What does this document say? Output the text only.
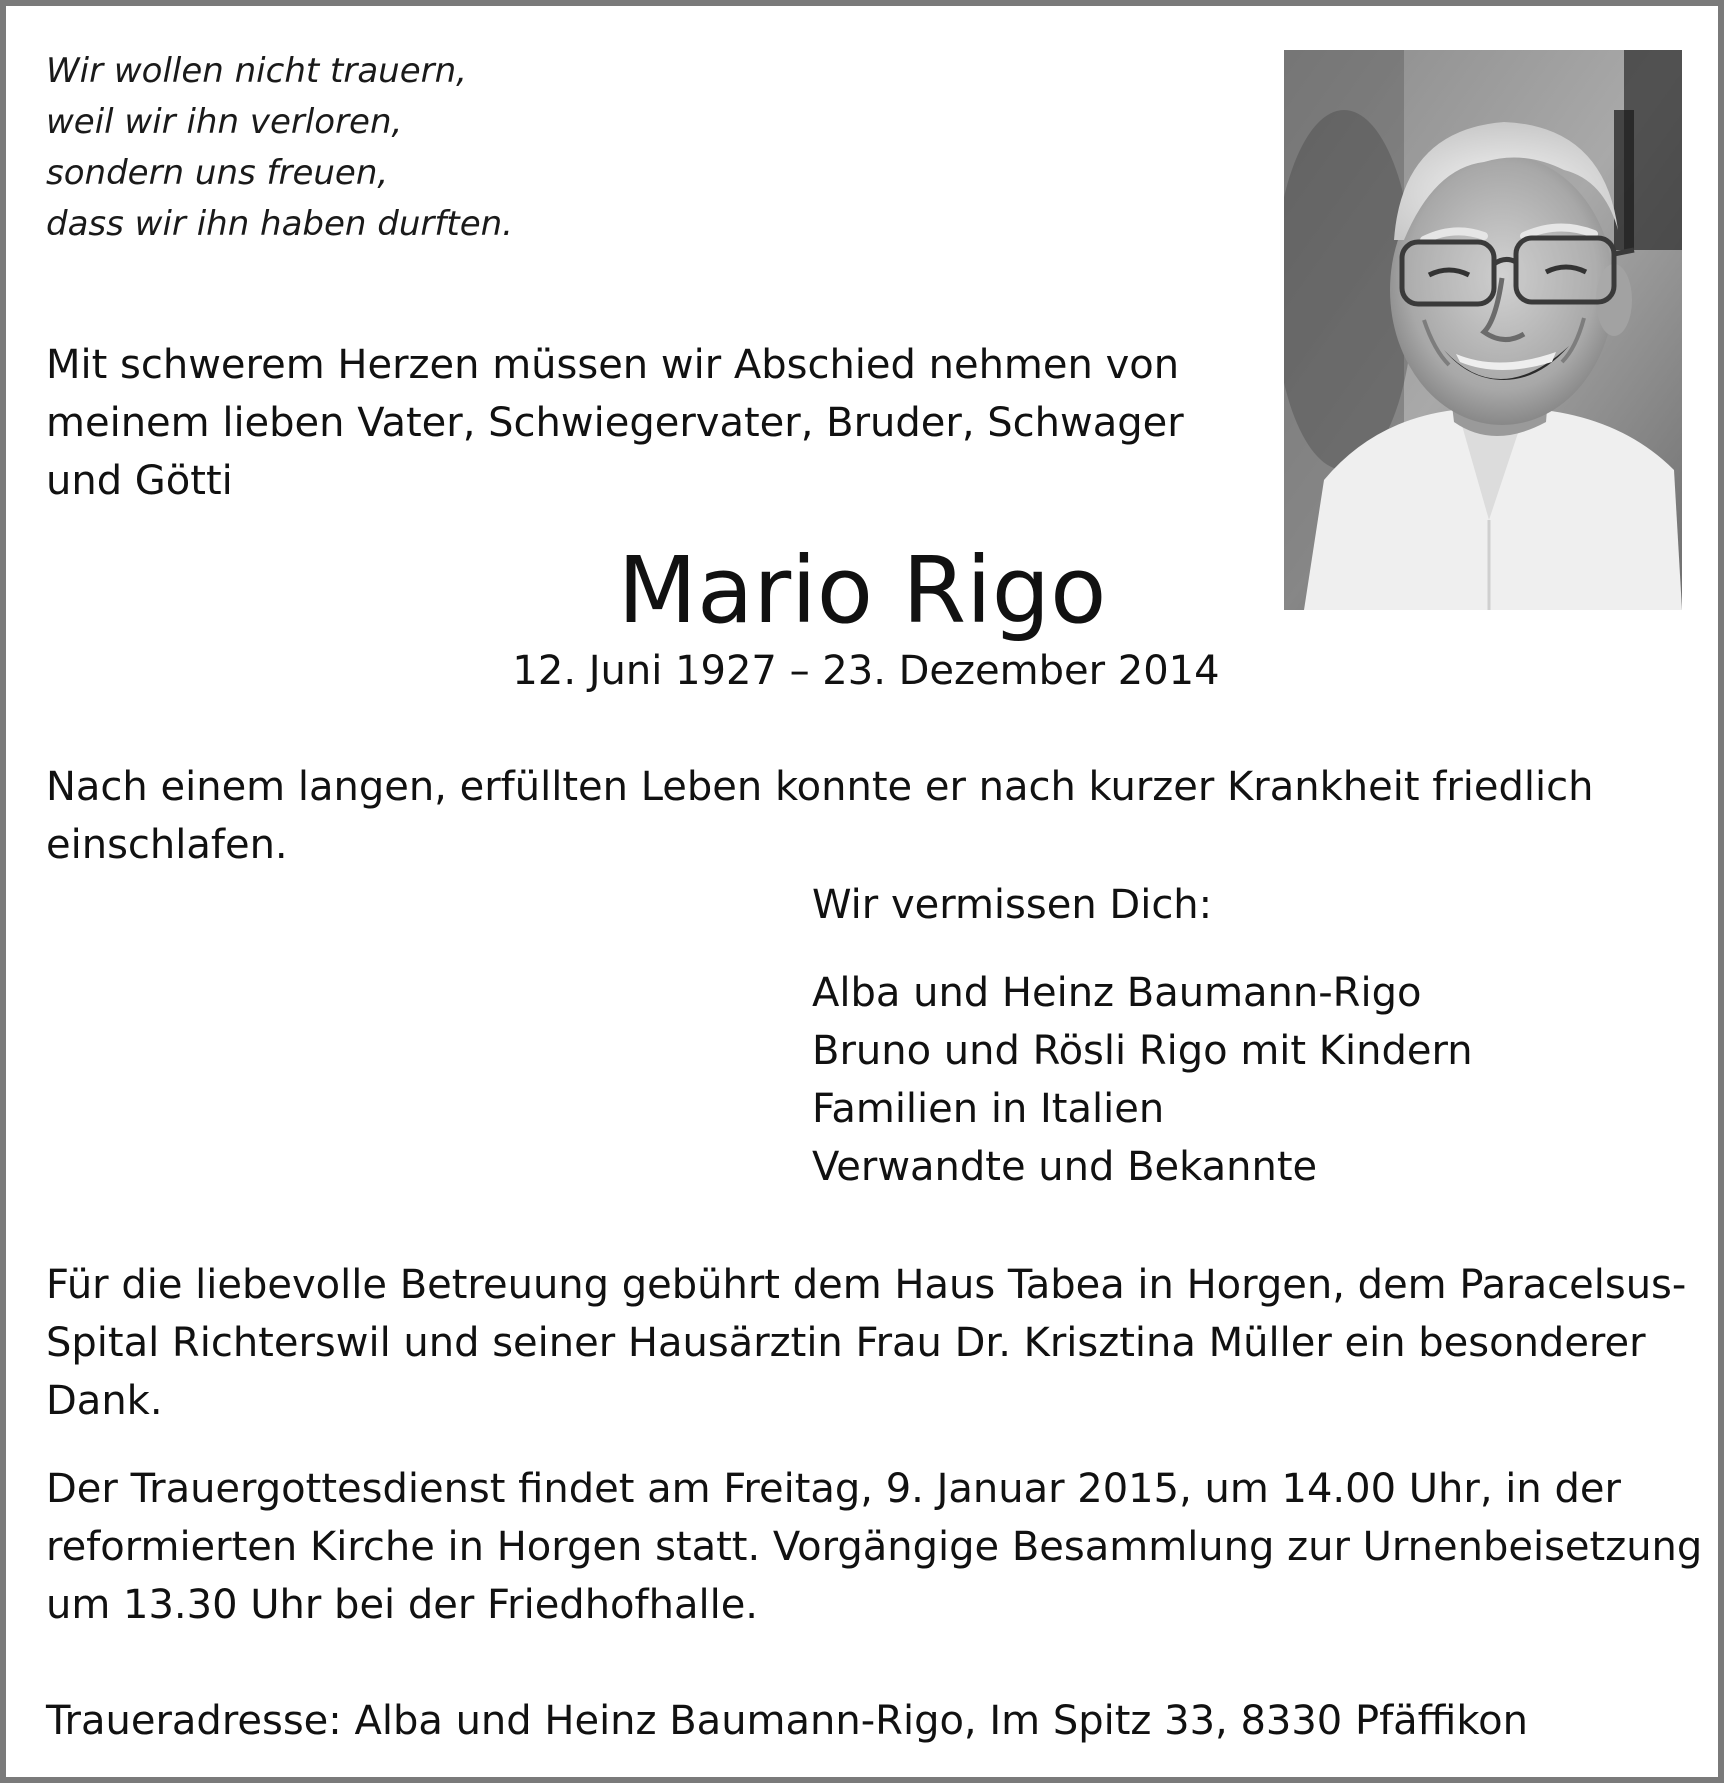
Wir wollen nicht trauern,
weil wir ihn verloren,
sondern uns freuen,
dass wir ihn haben durften.
Mit schwerem Herzen müssen wir Abschied nehmen von
meinem lieben Vater, Schwiegervater, Bruder, Schwager
und Götti
Mario Rigo
12. Juni 1927 – 23. Dezember 2014
Nach einem langen, erfüllten Leben konnte er nach kurzer Krankheit friedlich einschlafen.
Wir vermissen Dich:
Alba und Heinz Baumann-Rigo
Bruno und Rösli Rigo mit Kindern
Familien in Italien
Verwandte und Bekannte
Für die liebevolle Betreuung gebührt dem Haus Tabea in Horgen, dem Paracelsus-
Spital Richterswil und seiner Hausärztin Frau Dr. Krisztina Müller ein besonderer
Dank.
Der Trauergottesdienst findet am Freitag, 9. Januar 2015, um 14.00 Uhr, in der
reformierten Kirche in Horgen statt. Vorgängige Besammlung zur Urnenbeisetzung
um 13.30 Uhr bei der Friedhofhalle.
Traueradresse: Alba und Heinz Baumann-Rigo, Im Spitz 33, 8330 Pfäffikon
